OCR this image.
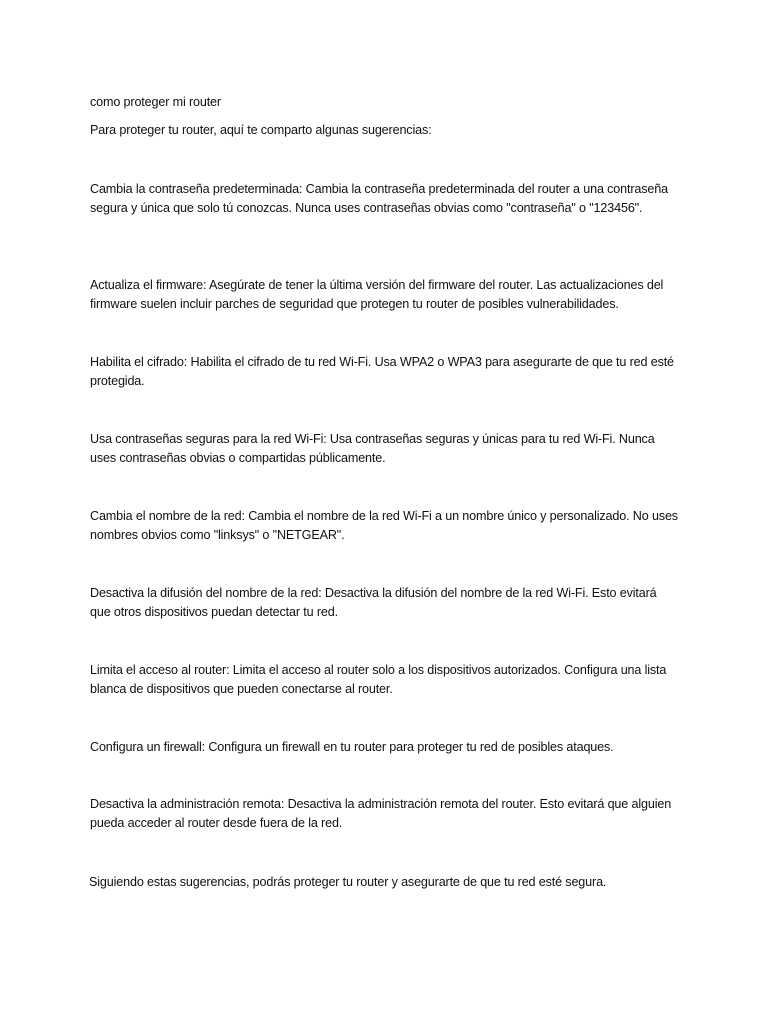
como proteger mi router

Para proteger tu router, aquí te comparto algunas sugerencias:

Cambia la contraseña predeterminada: Cambia la contraseña predeterminada del router a una contraseña segura y única que solo tú conozcas. Nunca uses contraseñas obvias como "contraseña" o "123456".

Actualiza el firmware: Asegúrate de tener la última versión del firmware del router. Las actualizaciones del firmware suelen incluir parches de seguridad que protegen tu router de posibles vulnerabilidades.

Habilita el cifrado: Habilita el cifrado de tu red Wi-Fi. Usa WPA2 o WPA3 para asegurarte de que tu red esté protegida.

Usa contraseñas seguras para la red Wi-Fi: Usa contraseñas seguras y únicas para tu red Wi-Fi. Nunca uses contraseñas obvias o compartidas públicamente.

Cambia el nombre de la red: Cambia el nombre de la red Wi-Fi a un nombre único y personalizado. No uses nombres obvios como "linksys" o "NETGEAR".

Desactiva la difusión del nombre de la red: Desactiva la difusión del nombre de la red Wi-Fi. Esto evitará que otros dispositivos puedan detectar tu red.

Limita el acceso al router: Limita el acceso al router solo a los dispositivos autorizados. Configura una lista blanca de dispositivos que pueden conectarse al router.

Configura un firewall: Configura un firewall en tu router para proteger tu red de posibles ataques.

Desactiva la administración remota: Desactiva la administración remota del router. Esto evitará que alguien pueda acceder al router desde fuera de la red.

Siguiendo estas sugerencias, podrás proteger tu router y asegurarte de que tu red esté segura.
